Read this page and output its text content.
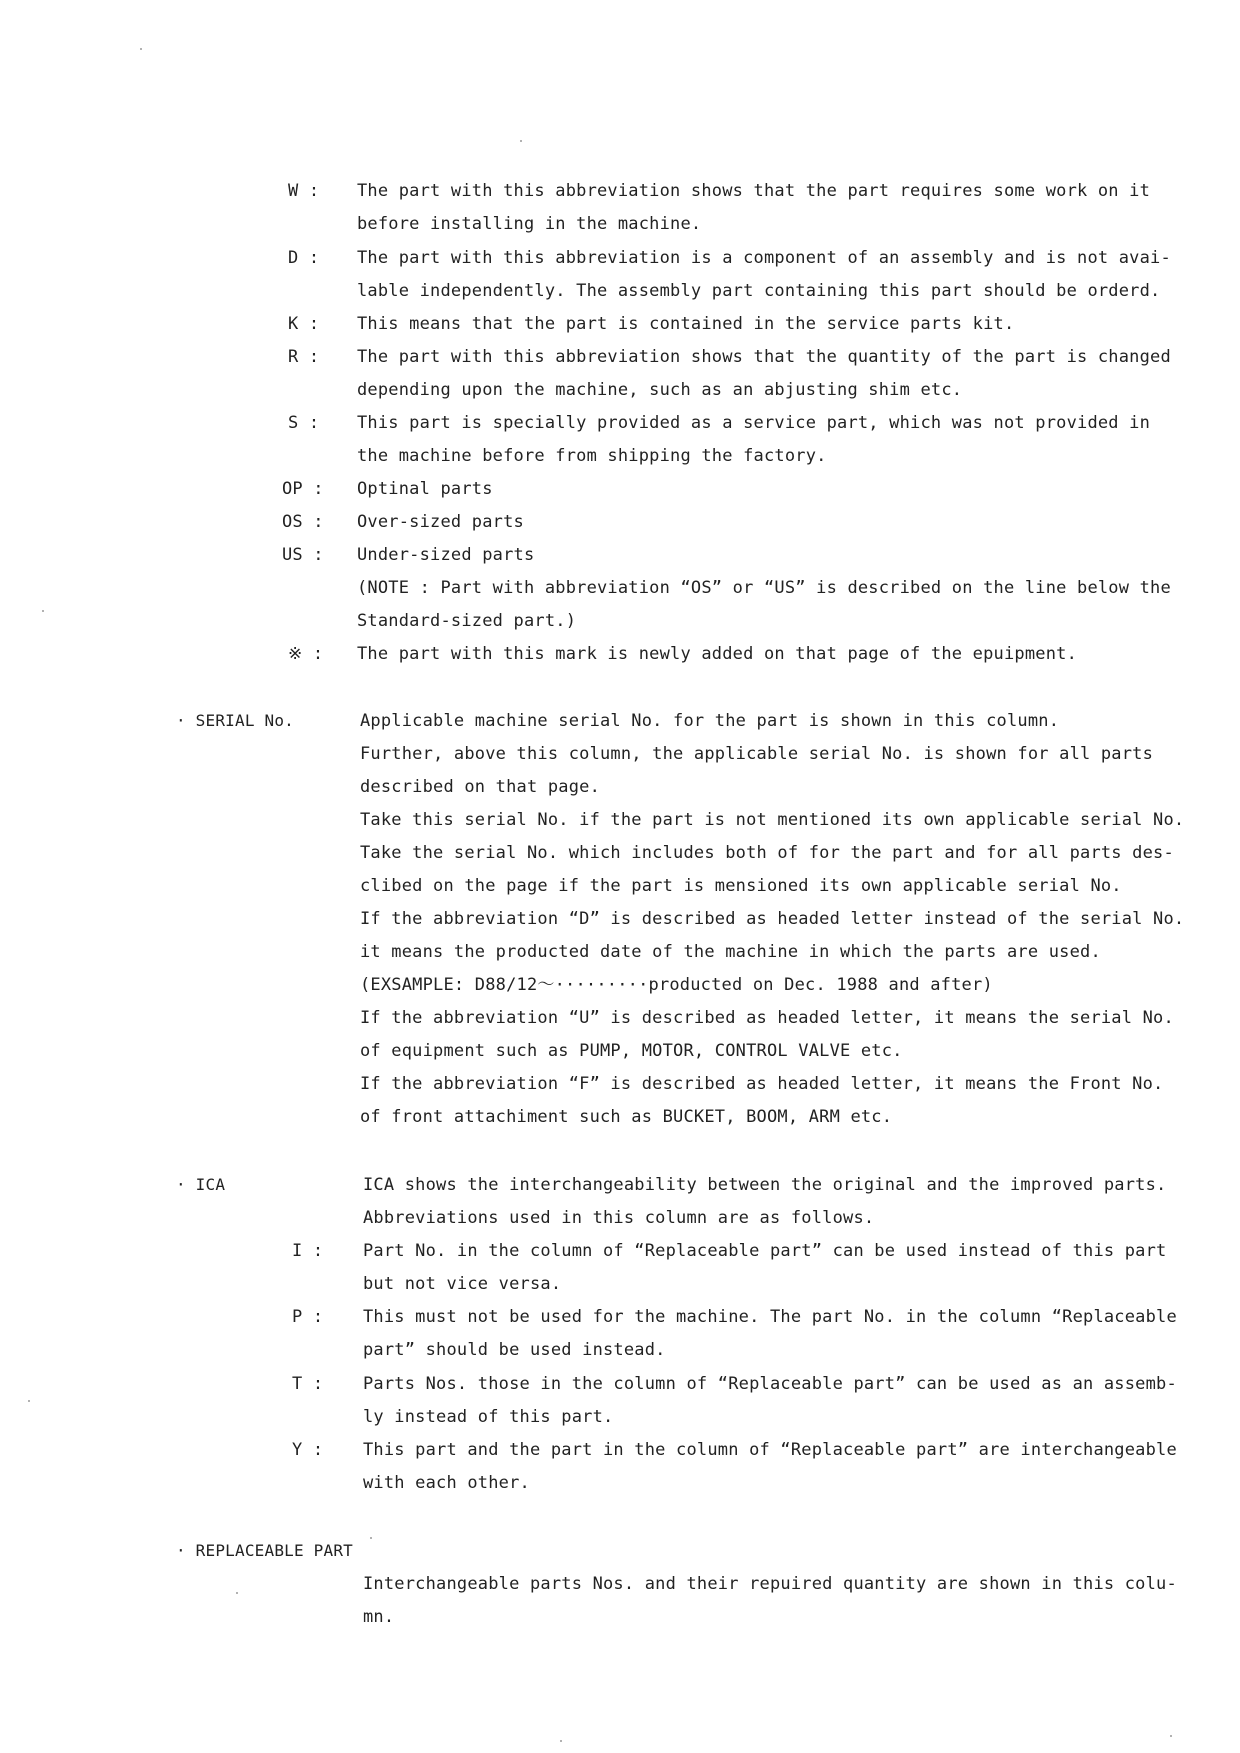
W : The part with this abbreviation shows that the part requires some work on it
before installing in the machine.
D : The part with this abbreviation is a component of an assembly and is not avai-
lable independently. The assembly part containing this part should be orderd.
K : This means that the part is contained in the service parts kit.
R : The part with this abbreviation shows that the quantity of the part is changed
depending upon the machine, such as an abjusting shim etc.
S : This part is specially provided as a service part, which was not provided in
the machine before from shipping the factory.
OP : Optinal parts
OS : Over-sized parts
US : Under-sized parts
(NOTE : Part with abbreviation “OS” or “US” is described on the line below the
Standard-sized part.)
※ : The part with this mark is newly added on that page of the epuipment.
· SERIAL No.	Applicable machine serial No. for the part is shown in this column.
Further, above this column, the applicable serial No. is shown for all parts
described on that page.
Take this serial No. if the part is not mentioned its own applicable serial No.
Take the serial No. which includes both of for the part and for all parts des-
clibed on the page if the part is mensioned its own applicable serial No.
If the abbreviation “D” is described as headed letter instead of the serial No.
it means the producted date of the machine in which the parts are used.
(EXSAMPLE: D88/12〜·········producted on Dec. 1988 and after)
If the abbreviation “U” is described as headed letter, it means the serial No.
of equipment such as PUMP, MOTOR, CONTROL VALVE etc.
If the abbreviation “F” is described as headed letter, it means the Front No.
of front attachiment such as BUCKET, BOOM, ARM etc.
· ICA	ICA shows the interchangeability between the original and the improved parts.
Abbreviations used in this column are as follows.
I : Part No. in the column of “Replaceable part” can be used instead of this part
but not vice versa.
P : This must not be used for the machine. The part No. in the column “Replaceable
part” should be used instead.
T : Parts Nos. those in the column of “Replaceable part” can be used as an assemb-
ly instead of this part.
Y : This part and the part in the column of “Replaceable part” are interchangeable
with each other.
· REPLACEABLE PART
Interchangeable parts Nos. and their repuired quantity are shown in this colu-
mn.
